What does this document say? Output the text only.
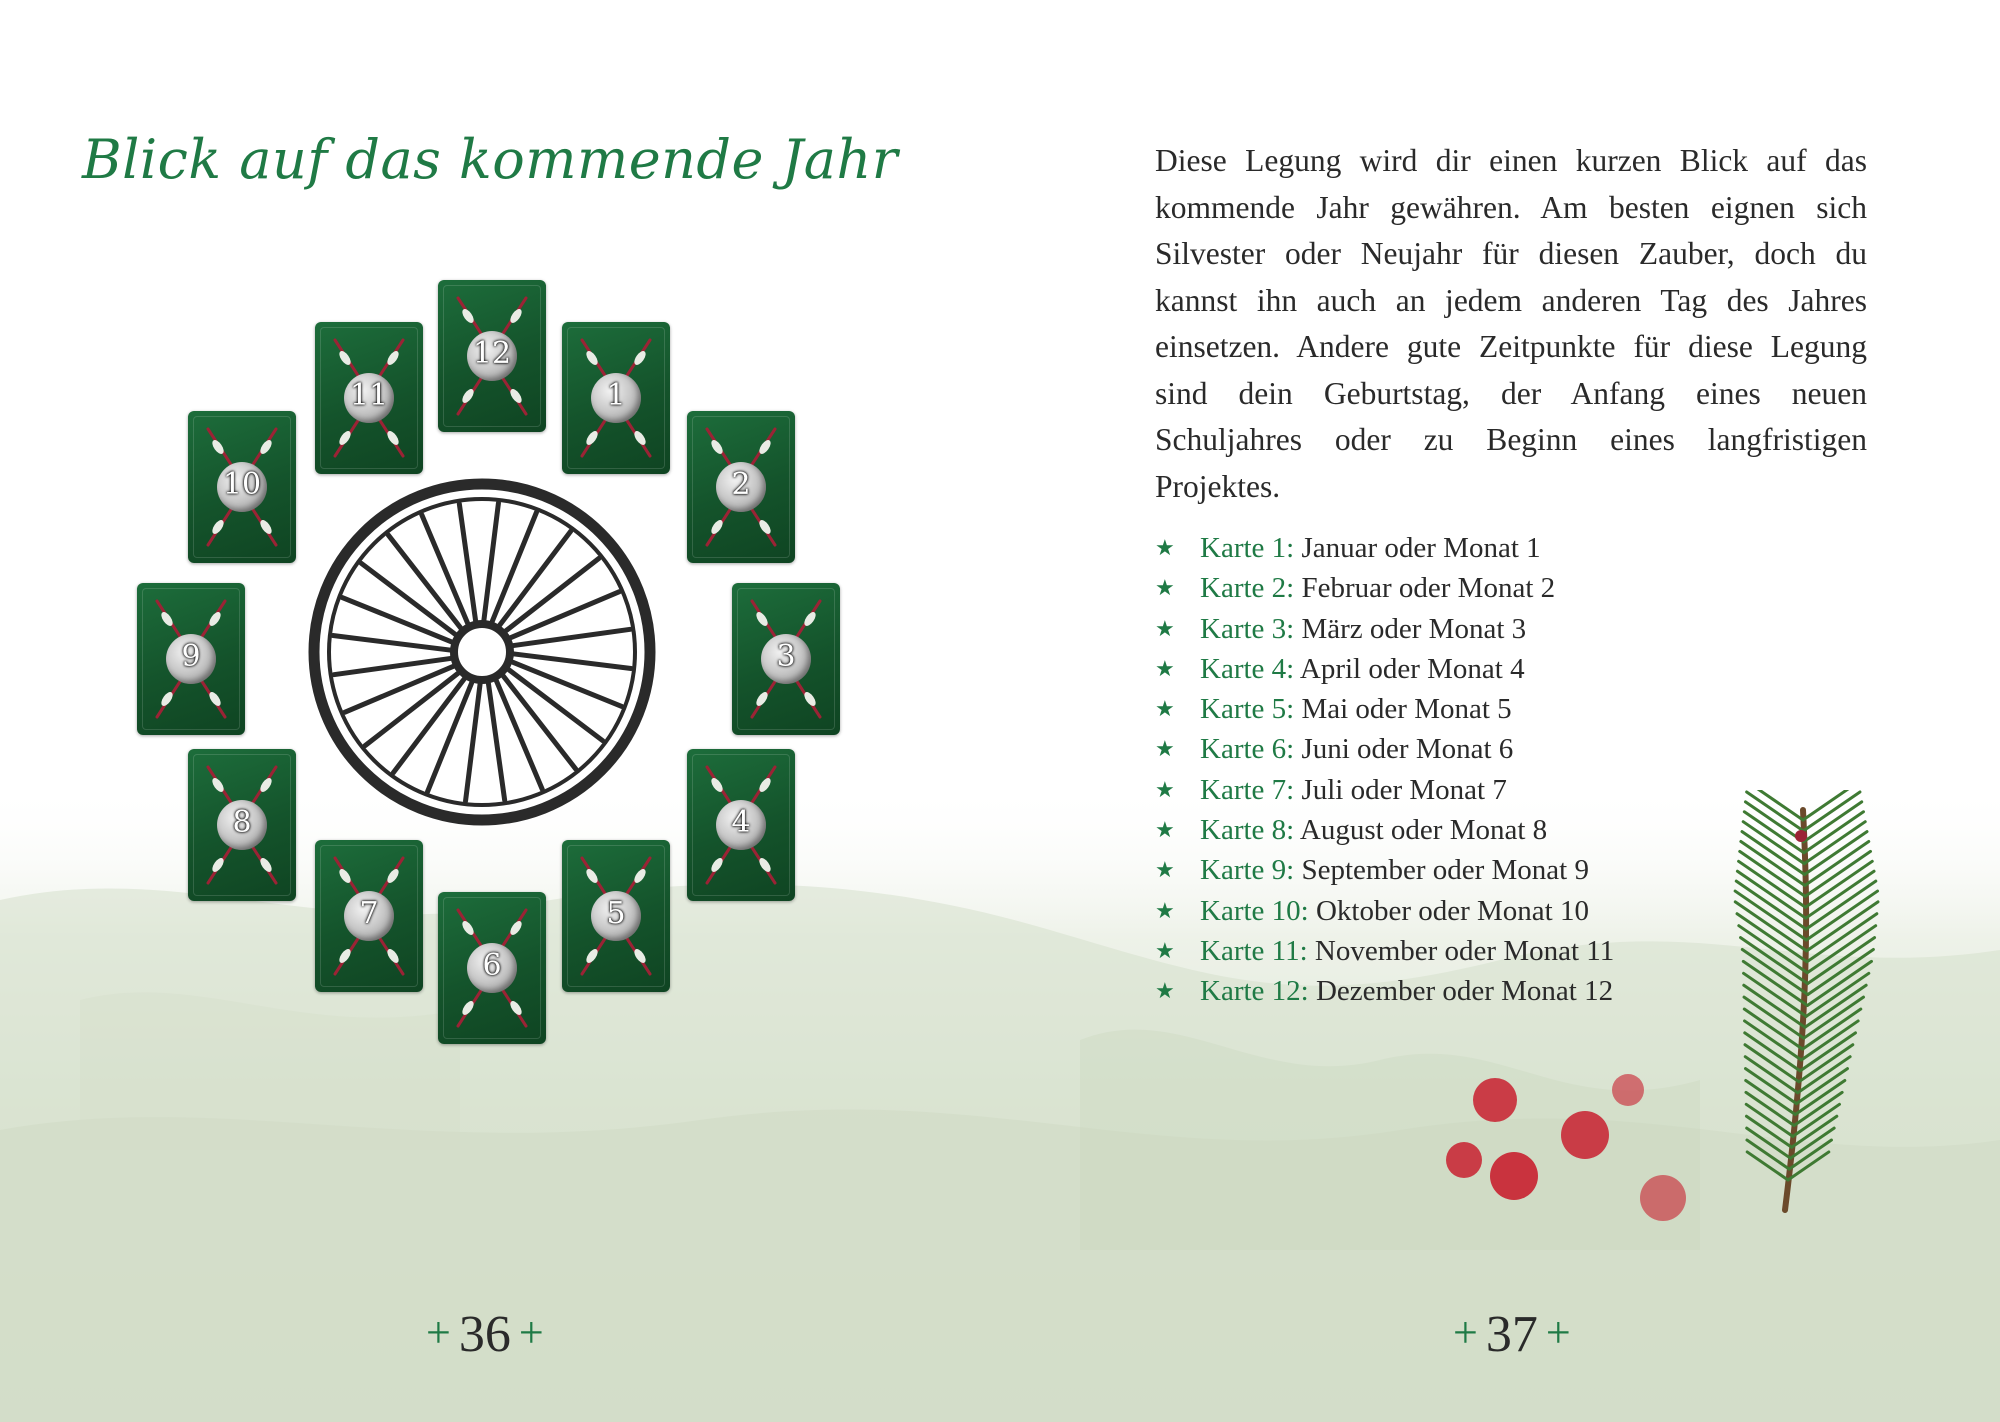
Blick auf das kommende Jahr
12
1
2
3
4
5
6
7
8
9
10
11
+ 36 +

Diese Legung wird dir einen kurzen Blick auf das kommende Jahr gewähren. Am besten eignen sich Silvester oder Neujahr für diesen Zauber, doch du kannst ihn auch an jedem anderen Tag des Jahres einsetzen. Andere gute Zeitpunkte für diese Legung sind dein Geburtstag, der Anfang eines neuen Schuljahres oder zu Beginn eines langfristigen Projektes.

★ Karte 1: Januar oder Monat 1
★ Karte 2: Februar oder Monat 2
★ Karte 3: März oder Monat 3
★ Karte 4: April oder Monat 4
★ Karte 5: Mai oder Monat 5
★ Karte 6: Juni oder Monat 6
★ Karte 7: Juli oder Monat 7
★ Karte 8: August oder Monat 8
★ Karte 9: September oder Monat 9
★ Karte 10: Oktober oder Monat 10
★ Karte 11: November oder Monat 11
★ Karte 12: Dezember oder Monat 12
+ 37 +
